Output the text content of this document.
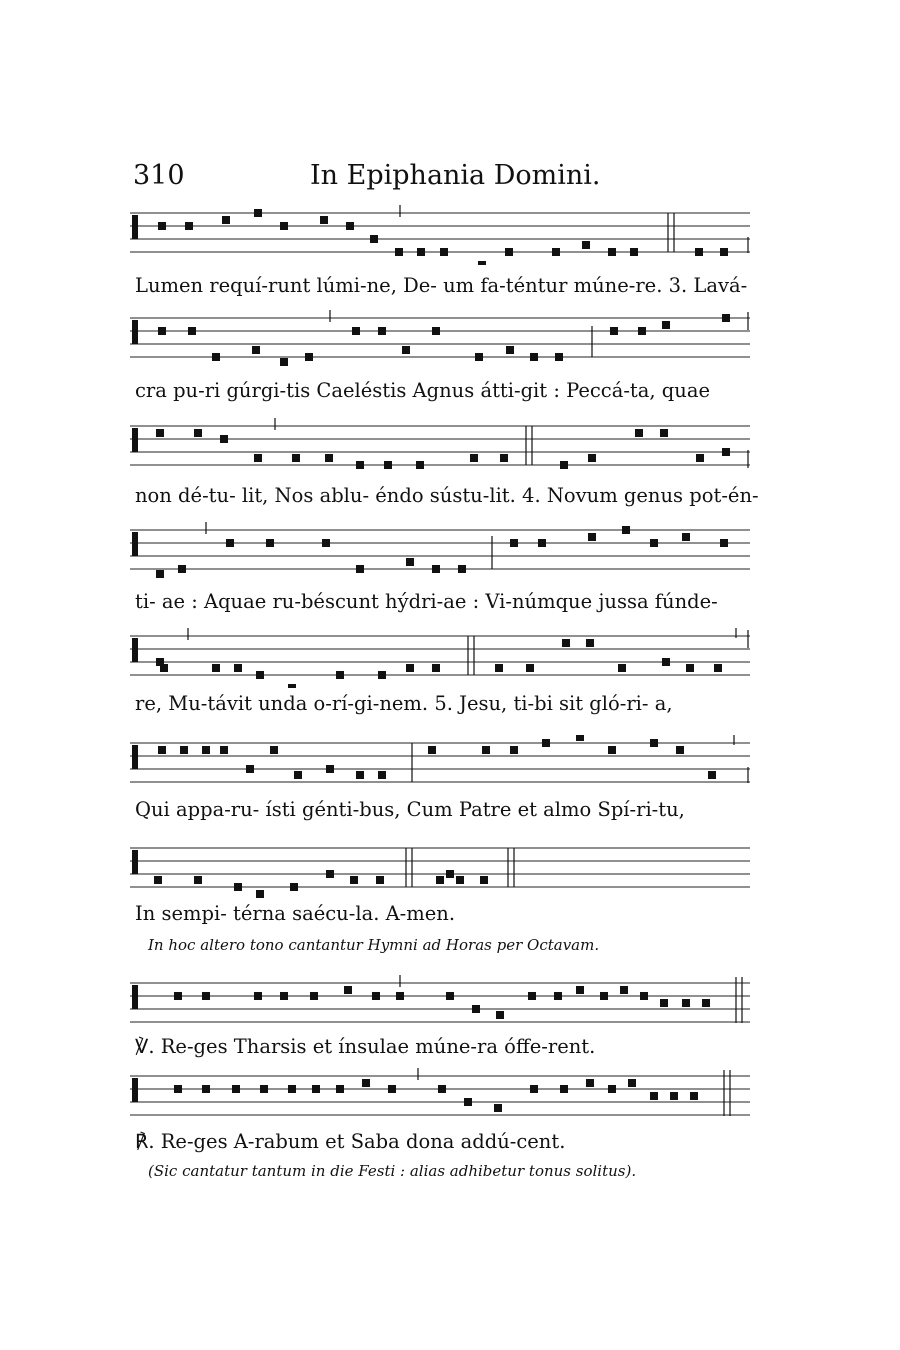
310	In Epiphania Domini.
Lumen requí-runt lúmi-ne, De- um fa-téntur múne-re. 3. Lavá-
cra pu-ri gúrgi-tis Caeléstis Agnus átti-git : Peccá-ta, quae
non dé-tu- lit, Nos ablu- éndo sústu-lit. 4. Novum genus pot-én-
ti- ae : Aquae ru-béscunt hýdri-ae : Vi-númque jussa fúnde-
re, Mu-távit unda o-rí-gi-nem. 5. Jesu, ti-bi sit gló-ri- a,
Qui appa-ru- ísti génti-bus, Cum Patre et almo Spí-ri-tu,
In sempi- térna saécu-la. A-men.
In hoc altero tono cantantur Hymni ad Horas per Octavam.
℣. Re-ges Tharsis et ínsulae múne-ra óffe-rent.
℟. Re-ges A-rabum et Saba dona addú-cent.
(Sic cantatur tantum in die Festi : alias adhibetur tonus solitus).
